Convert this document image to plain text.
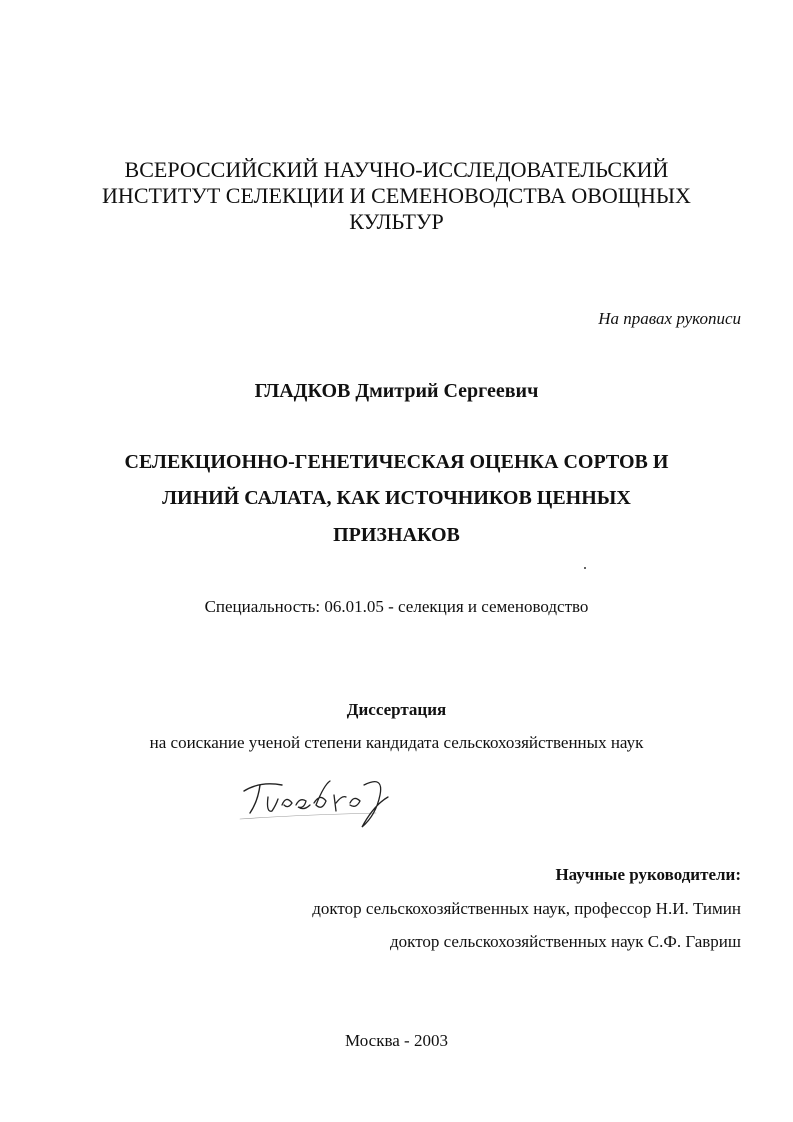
ВСЕРОССИЙСКИЙ НАУЧНО-ИССЛЕДОВАТЕЛЬСКИЙ
ИНСТИТУТ СЕЛЕКЦИИ И СЕМЕНОВОДСТВА ОВОЩНЫХ
КУЛЬТУР
На правах рукописи
ГЛАДКОВ Дмитрий Сергеевич
СЕЛЕКЦИОННО-ГЕНЕТИЧЕСКАЯ ОЦЕНКА СОРТОВ И
ЛИНИЙ САЛАТА, КАК ИСТОЧНИКОВ ЦЕННЫХ
ПРИЗНАКОВ
Специальность: 06.01.05 - селекция и семеноводство
Диссертация
на соискание ученой степени кандидата сельскохозяйственных наук
Научные руководители:
доктор сельскохозяйственных наук, профессор Н.И. Тимин
доктор сельскохозяйственных наук С.Ф. Гавриш
Москва - 2003
